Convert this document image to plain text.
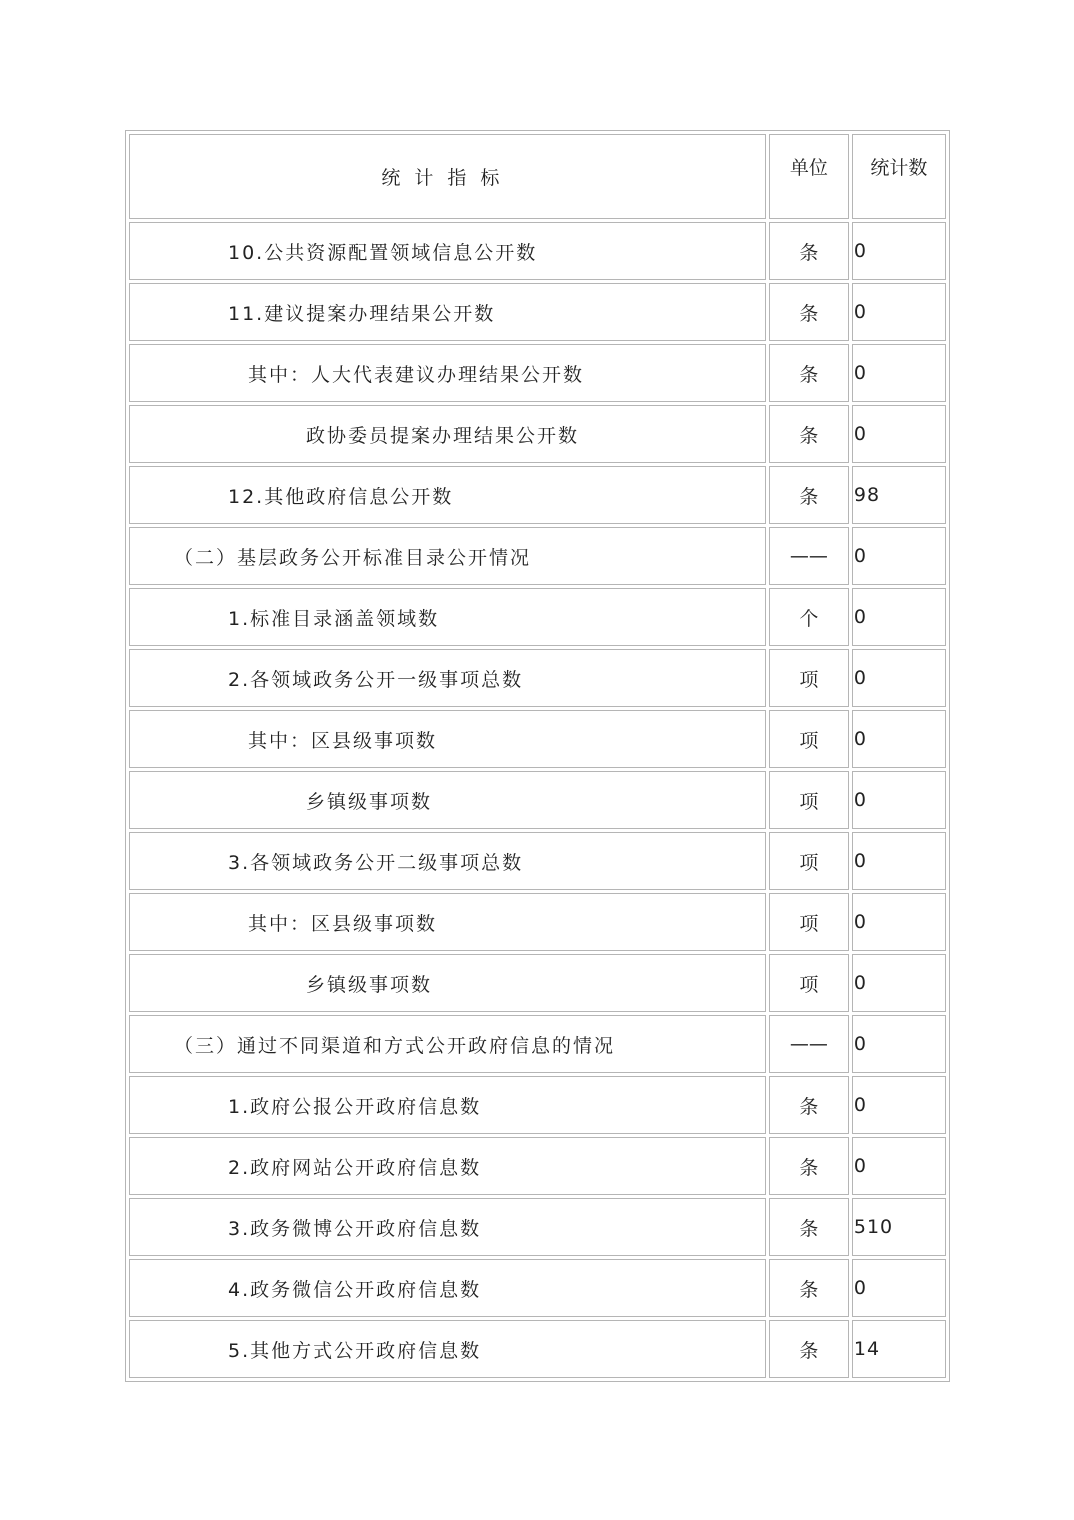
统计指标	单位	统计数
10.公共资源配置领域信息公开数	条	0
11.建议提案办理结果公开数	条	0
其中：人大代表建议办理结果公开数	条	0
政协委员提案办理结果公开数	条	0
12.其他政府信息公开数	条	98
（二）基层政务公开标准目录公开情况	——	0
1.标准目录涵盖领域数	个	0
2.各领域政务公开一级事项总数	项	0
其中：区县级事项数	项	0
乡镇级事项数	项	0
3.各领域政务公开二级事项总数	项	0
其中：区县级事项数	项	0
乡镇级事项数	项	0
（三）通过不同渠道和方式公开政府信息的情况	——	0
1.政府公报公开政府信息数	条	0
2.政府网站公开政府信息数	条	0
3.政务微博公开政府信息数	条	510
4.政务微信公开政府信息数	条	0
5.其他方式公开政府信息数	条	14
